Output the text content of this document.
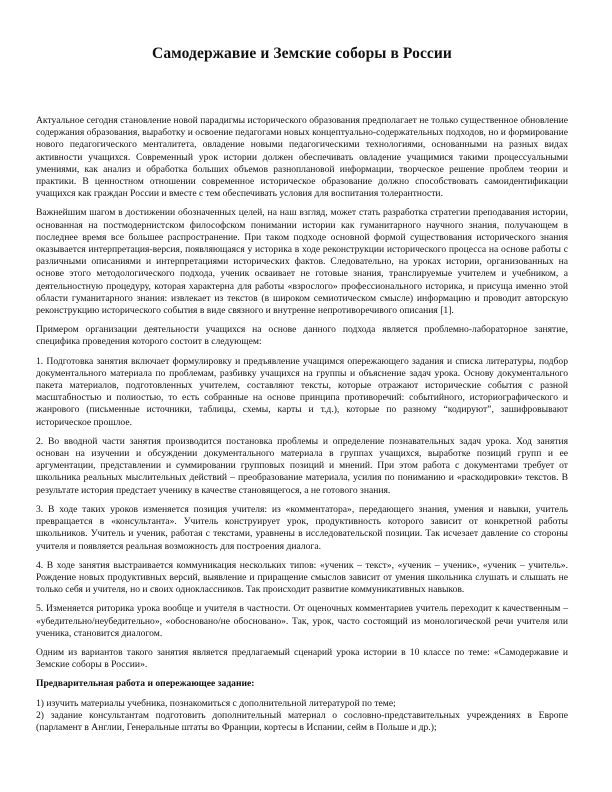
Самодержавие и Земские соборы в России

Актуальное сегодня становление новой парадигмы исторического образования предполагает не только существенное обновление содержания образования, выработку и освоение педагогами новых концептуально-содержательных подходов, но и формирование нового педагогического менталитета, овладение новыми педагогическими технологиями, основанными на разных видах активности учащихся. Современный урок истории должен обеспечивать овладение учащимися такими процессуальными умениями, как анализ и обработка больших объемов разноплановой информации, творческое решение проблем теории и практики. В ценностном отношении современное историческое образование должно способствовать самоидентификации учащихся как граждан России и вместе с тем обеспечивать условия для воспитания толерантности.

Важнейшим шагом в достижении обозначенных целей, на наш взгляд, может стать разработка стратегии преподавания истории, основанная на постмодернистском философском понимании истории как гуманитарного научного знания, получающем в последнее время все большее распространение. При таком подходе основной формой существования исторического знания оказывается интерпретация-версия, появляющаяся у историка в ходе реконструкции исторического процесса на основе работы с различными описаниями и интерпретациями исторических фактов. Следовательно, на уроках истории, организованных на основе этого методологического подхода, ученик осваивает не готовые знания, транслируемые учителем и учебником, а деятельностную процедуру, которая характерна для работы «взрослого» профессионального историка, и присуща именно этой области гуманитарного знания: извлекает из текстов (в широком семиотическом смысле) информацию и проводит авторскую реконструкцию исторического события в виде связного и внутренне непротиворечивого описания [1].

Примером организации деятельности учащихся на основе данного подхода является проблемно-лабораторное занятие, специфика проведения которого состоит в следующем:

1. Подготовка занятия включает формулировку и предъявление учащимся опережающего задания и списка литературы, подбор документального материала по проблемам, разбивку учащихся на группы и объяснение задач урока. Основу документального пакета материалов, подготовленных учителем, составляют тексты, которые отражают исторические события с разной масштабностью и полиостью, то есть собранные на основе принципа противоречий: событийного, историографического и жанрового (письменные источники, таблицы, схемы, карты и т.д.), которые по разному “кодируют”, зашифровывают историческое прошлое.

2. Во вводной части занятия производится постановка проблемы и определение познавательных задач урока. Ход занятия основан на изучении и обсуждении документального материала в группах учащихся, выработке позиций групп и ее аргументации, представлении и суммировании групповых позиций и мнений. При этом работа с документами требует от школьника реальных мыслительных действий – преобразование материала, усилия по пониманию и «раскодировки» текстов. В результате история предстает ученику в качестве становящегося, а не готового знания.

3. В ходе таких уроков изменяется позиция учителя: из «комментатора», передающего знания, умения и навыки, учитель превращается в «консультанта». Учитель конструирует урок, продуктивность которого зависит от конкретной работы школьников. Учитель и ученик, работая с текстами, уравнены в исследовательской позиции. Так исчезает давление со стороны учителя и появляется реальная возможность для построения диалога.

4. В ходе занятия выстраивается коммуникация нескольких типов: «ученик – текст», «ученик – ученик», «ученик – учитель». Рождение новых продуктивных версий, выявление и приращение смыслов зависит от умения школьника слушать и слышать не только себя и учителя, но и своих одноклассников. Так происходит развитие коммуникативных навыков.

5. Изменяется риторика урока вообще и учителя в частности. От оценочных комментариев учитель переходит к качественным – «убедительно/неубедительно», «обосновано/не обосновано». Так, урок, часто состоящий из монологической речи учителя или ученика, становится диалогом.

Одним из вариантов такого занятия является предлагаемый сценарий урока истории в 10 классе по теме: «Самодержавие и Земские соборы в России».

Предварительная работа и опережающее задание:

1) изучить материалы учебника, познакомиться с дополнительной литературой по теме;

2) задание консультантам подготовить дополнительный материал о сословно-представительных учреждениях в Европе (парламент в Англии, Генеральные штаты во Франции, кортесы в Испании, сейм в Польше и др.);
